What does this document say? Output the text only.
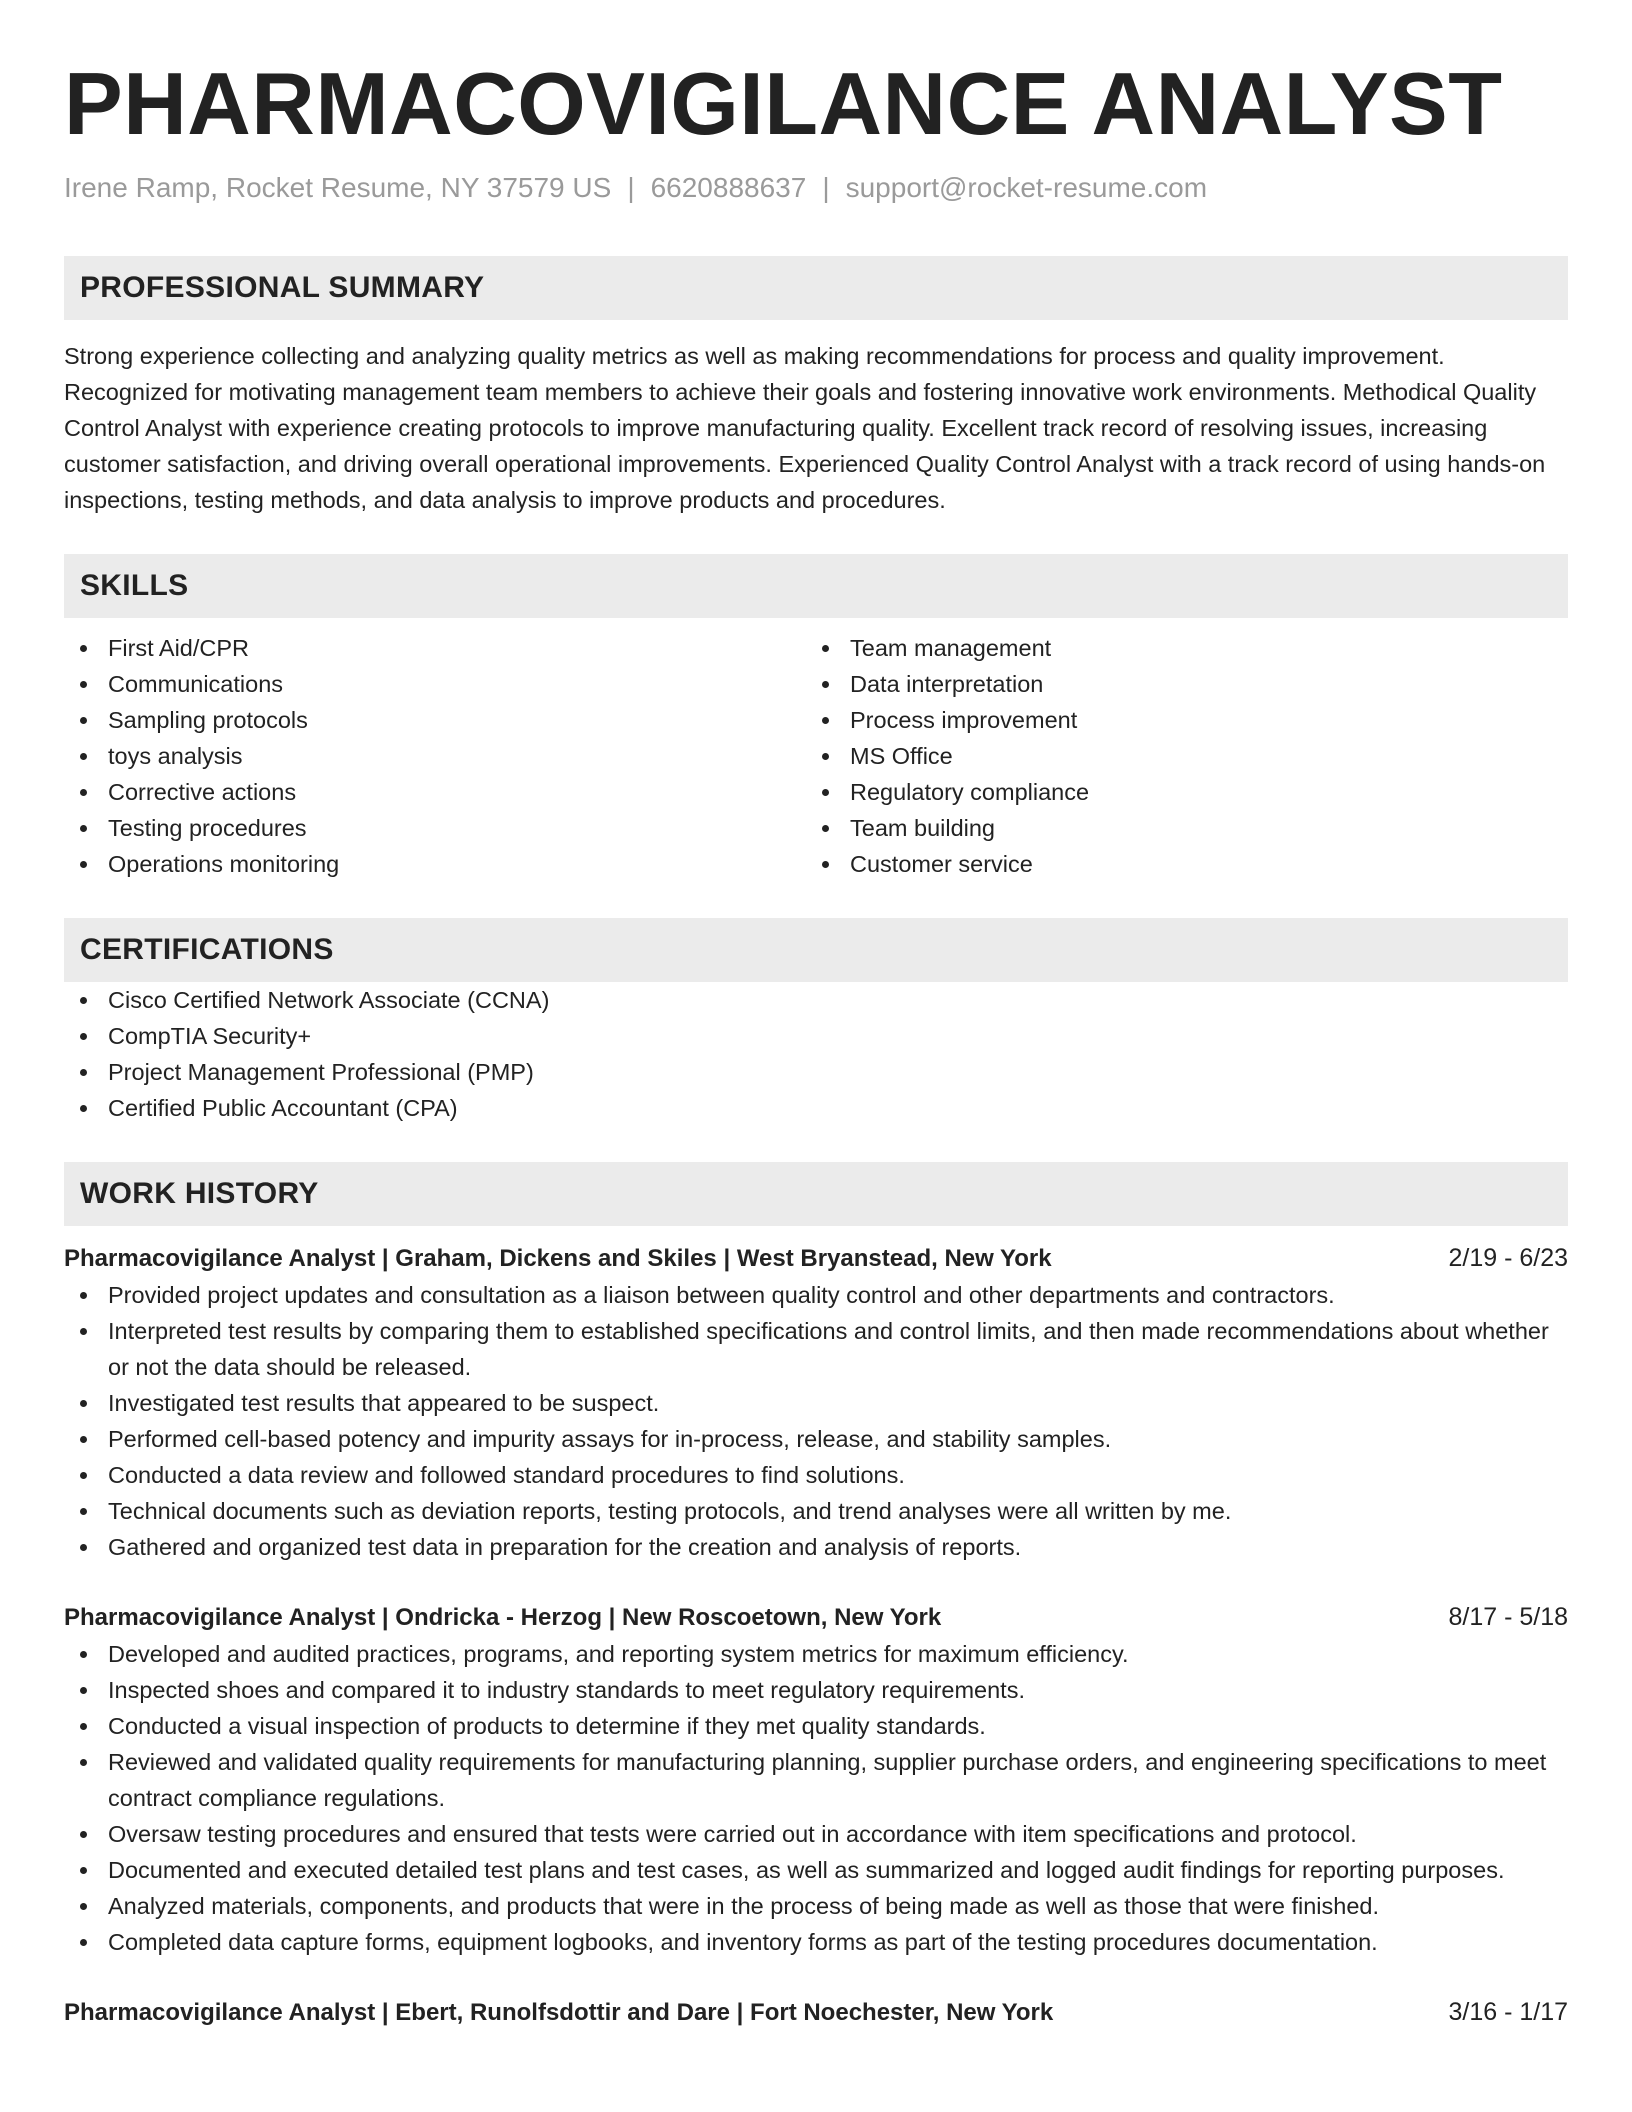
PHARMACOVIGILANCE ANALYST
Irene Ramp, Rocket Resume, NY 37579 US | 6620888637 | support@rocket-resume.com
PROFESSIONAL SUMMARY
Strong experience collecting and analyzing quality metrics as well as making recommendations for process and quality improvement. Recognized for motivating management team members to achieve their goals and fostering innovative work environments. Methodical Quality Control Analyst with experience creating protocols to improve manufacturing quality. Excellent track record of resolving issues, increasing customer satisfaction, and driving overall operational improvements. Experienced Quality Control Analyst with a track record of using hands-on inspections, testing methods, and data analysis to improve products and procedures.
SKILLS
First Aid/CPR
Communications
Sampling protocols
toys analysis
Corrective actions
Testing procedures
Operations monitoring
Team management
Data interpretation
Process improvement
MS Office
Regulatory compliance
Team building
Customer service
CERTIFICATIONS
Cisco Certified Network Associate (CCNA)
CompTIA Security+
Project Management Professional (PMP)
Certified Public Accountant (CPA)
WORK HISTORY
Pharmacovigilance Analyst | Graham, Dickens and Skiles | West Bryanstead, New York	2/19 - 6/23
Provided project updates and consultation as a liaison between quality control and other departments and contractors.
Interpreted test results by comparing them to established specifications and control limits, and then made recommendations about whether or not the data should be released.
Investigated test results that appeared to be suspect.
Performed cell-based potency and impurity assays for in-process, release, and stability samples.
Conducted a data review and followed standard procedures to find solutions.
Technical documents such as deviation reports, testing protocols, and trend analyses were all written by me.
Gathered and organized test data in preparation for the creation and analysis of reports.
Pharmacovigilance Analyst | Ondricka - Herzog | New Roscoetown, New York	8/17 - 5/18
Developed and audited practices, programs, and reporting system metrics for maximum efficiency.
Inspected shoes and compared it to industry standards to meet regulatory requirements.
Conducted a visual inspection of products to determine if they met quality standards.
Reviewed and validated quality requirements for manufacturing planning, supplier purchase orders, and engineering specifications to meet contract compliance regulations.
Oversaw testing procedures and ensured that tests were carried out in accordance with item specifications and protocol.
Documented and executed detailed test plans and test cases, as well as summarized and logged audit findings for reporting purposes.
Analyzed materials, components, and products that were in the process of being made as well as those that were finished.
Completed data capture forms, equipment logbooks, and inventory forms as part of the testing procedures documentation.
Pharmacovigilance Analyst | Ebert, Runolfsdottir and Dare | Fort Noechester, New York	3/16 - 1/17
